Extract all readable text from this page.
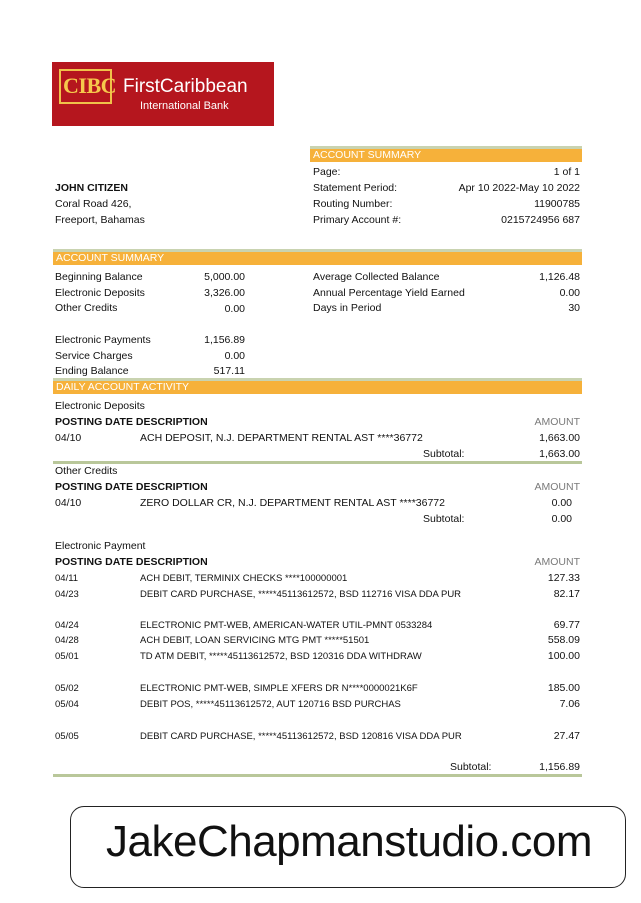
CIBC FirstCaribbean
International Bank
ACCOUNT SUMMARY
Page:	1 of 1
Statement Period:	Apr 10 2022-May 10 2022
Routing Number:	11900785
Primary Account #:	0215724956 687
JOHN CITIZEN
Coral Road 426,
Freeport, Bahamas
ACCOUNT SUMMARY
Beginning Balance	5,000.00
Electronic Deposits	3,326.00
Other Credits	0.00
Electronic Payments	1,156.89
Service Charges	0.00
Ending Balance	517.11
Average Collected Balance	1,126.48
Annual Percentage Yield Earned	0.00
Days in Period	30
DAILY ACCOUNT ACTIVITY
Electronic Deposits
POSTING DATE DESCRIPTION	AMOUNT
04/10	ACH DEPOSIT, N.J. DEPARTMENT RENTAL AST ****36772	1,663.00
Subtotal:	1,663.00
Other Credits
POSTING DATE DESCRIPTION	AMOUNT
04/10	ZERO DOLLAR CR, N.J. DEPARTMENT RENTAL AST ****36772	0.00
Subtotal:	0.00
Electronic Payment
POSTING DATE DESCRIPTION	AMOUNT
04/11	ACH DEBIT, TERMINIX CHECKS ****100000001	127.33
04/23	DEBIT CARD PURCHASE, *****45113612572, BSD 112716 VISA DDA PUR	82.17
04/24	ELECTRONIC PMT-WEB, AMERICAN-WATER UTIL-PMNT 0533284	69.77
04/28	ACH DEBIT, LOAN SERVICING MTG PMT *****51501	558.09
05/01	TD ATM DEBIT, *****45113612572, BSD 120316 DDA WITHDRAW	100.00
05/02	ELECTRONIC PMT-WEB, SIMPLE XFERS DR N****0000021K6F	185.00
05/04	DEBIT POS, *****45113612572, AUT 120716 BSD PURCHAS	7.06
05/05	DEBIT CARD PURCHASE, *****45113612572, BSD 120816 VISA DDA PUR	27.47
Subtotal:	1,156.89
JakeChapmanstudio.com
